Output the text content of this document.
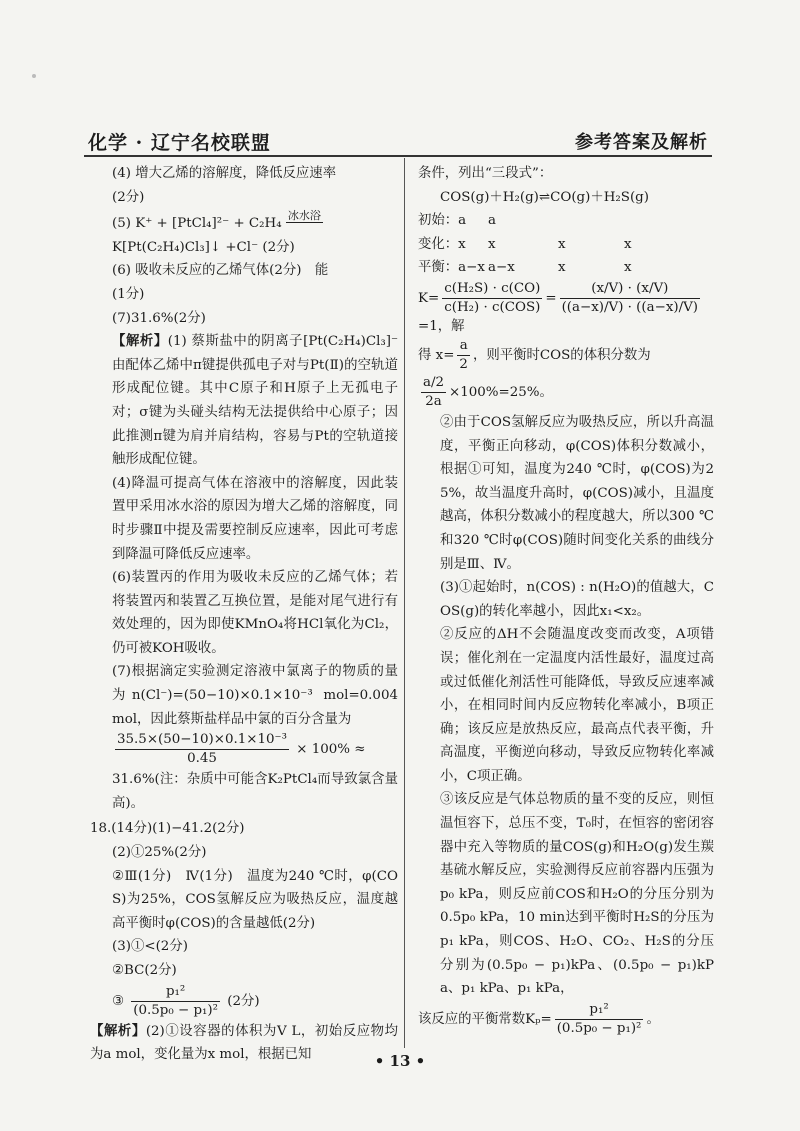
化学 · 辽宁名校联盟	参考答案及解析

(4) 增大乙烯的溶解度，降低反应速率

(2分)

(5) K⁺ + [PtCl₄]²⁻ + C₂H₄ 冰水浴

K[Pt(C₂H₄)Cl₃]↓ +Cl⁻ (2分)

(6) 吸收未反应的乙烯气体(2分)　能

(1分)

(7)31.6%(2分)

【解析】(1) 蔡斯盐中的阴离子[Pt(C₂H₄)Cl₃]⁻由配体乙烯中π键提供孤电子对与Pt(Ⅱ)的空轨道形成配位键。其中C原子和H原子上无孤电子对；σ键为头碰头结构无法提供给中心原子；因此推测π键为肩并肩结构，容易与Pt的空轨道接触形成配位键。

(4)降温可提高气体在溶液中的溶解度，因此装置甲采用冰水浴的原因为增大乙烯的溶解度，同时步骤Ⅱ中提及需要控制反应速率，因此可考虑到降温可降低反应速率。

(6)装置丙的作用为吸收未反应的乙烯气体；若将装置丙和装置乙互换位置，是能对尾气进行有效处理的，因为即使KMnO₄将HCl氧化为Cl₂，仍可被KOH吸收。

(7)根据滴定实验测定溶液中氯离子的物质的量为n(Cl⁻)=(50−10)×0.1×10⁻³ mol=0.004 mol，因此蔡斯盐样品中氯的百分含量为

$\frac{\text{35.5×(50−10)×0.1×10⁻³}}{0.45} \times 100\%$ ≈

31.6%(注：杂质中可能含K₂PtCl₄而导致氯含量高)。

18.(14分)(1)−41.2(2分)

(2)①25%(2分)

②Ⅲ(1分)　Ⅳ(1分)　温度为240 ℃时，φ(COS)为25%，COS氢解反应为吸热反应，温度越高平衡时φ(COS)的含量越低(2分)

(3)①<(2分)

②BC(2分)

③ $\frac{\text{p₁²}}{\text{(0.5p₀ − p₁)²}} (2$分)

【解析】(2)①设容器的体积为V L，初始反应物均为a mol，变化量为x mol，根据已知

条件，列出“三段式”：

COS(g)＋H₂(g)⇌CO(g)＋H₂S(g)

初始：a a
变化：x x	x	x
平衡：a−x a−x	x	x

$K= \frac{\text{c(H₂S) · c(CO)}}{\text{c(H₂) · c(COS)}} = \frac{(x/V) \cdot (x/V)}{((a-x)/V) \cdot ((a-x)/V)}$
=1，解

得 $x= \frac{a}{2}$ ，则平衡时COS的体积分数为

$\frac{a/2}{2a} \times 100\%=25\%$。

②由于COS氢解反应为吸热反应，所以升高温度，平衡正向移动，φ(COS)体积分数减小，根据①可知，温度为240 ℃时，φ(COS)为25%，故当温度升高时，φ(COS)减小，且温度越高，体积分数减小的程度越大，所以300 ℃和320 ℃时φ(COS)随时间变化关系的曲线分别是Ⅲ、Ⅳ。

(3)①起始时，n(COS) : n(H₂O)的值越大，COS(g)的转化率越小，因此x₁<x₂。

②反应的ΔH不会随温度改变而改变，A项错误；催化剂在一定温度内活性最好，温度过高或过低催化剂活性可能降低，导致反应速率减小，在相同时间内反应物转化率减小，B项正确；该反应是放热反应，最高点代表平衡，升高温度，平衡逆向移动，导致反应物转化率减小，C项正确。

③该反应是气体总物质的量不变的反应，则恒温恒容下，总压不变，T₀时，在恒容的密闭容器中充入等物质的量COS(g)和H₂O(g)发生羰基硫水解反应，实验测得反应前容器内压强为p₀ kPa，则反应前COS和H₂O的分压分别为0.5p₀ kPa，10 min达到平衡时H₂S的分压为p₁ kPa，则COS、H₂O、CO₂、H₂S的分压分别为(0.5p₀ − p₁)kPa、(0.5p₀ − p₁)kPa、p₁ kPa、p₁ kPa，

该反应的平衡常数$K_p= \frac{\text{p₁²}}{\text{(0.5p₀ − p₁)²}}$ 。

• 13 •
